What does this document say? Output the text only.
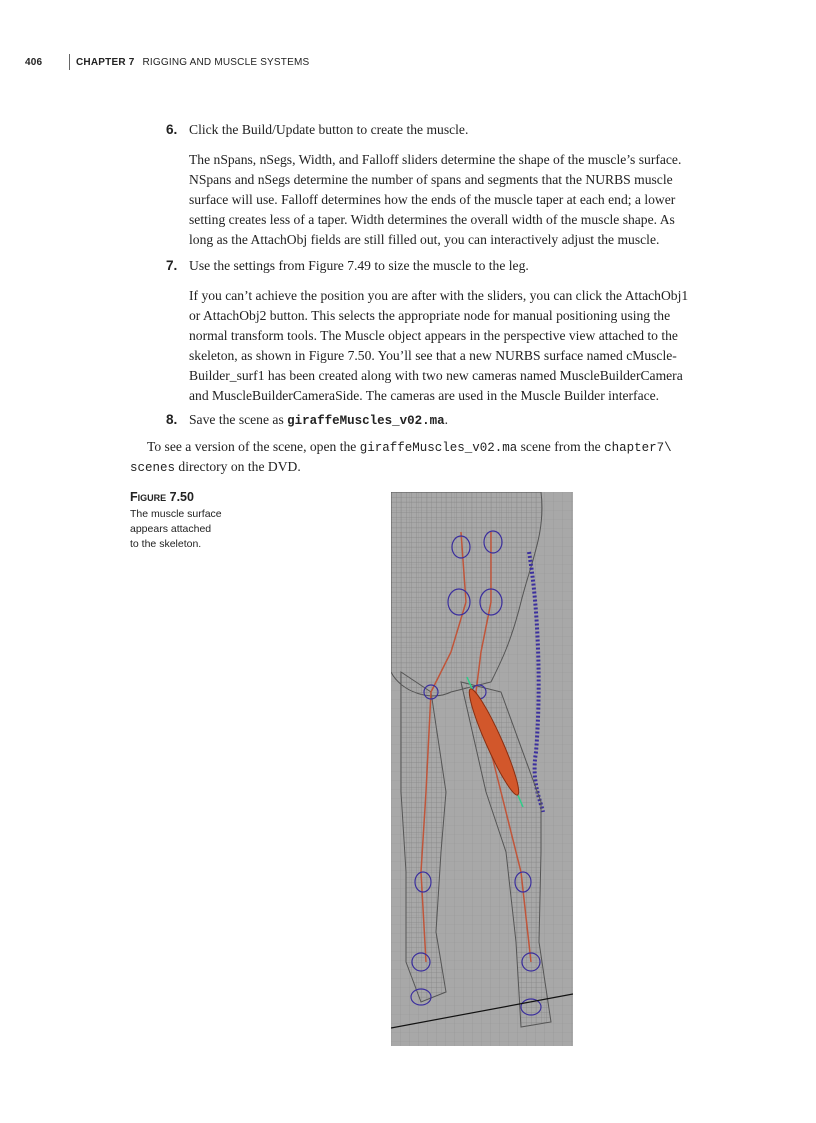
406	CHAPTER 7 RIGGING AND MUSCLE SYSTEMS

6. Click the Build/Update button to create the muscle.

The nSpans, nSegs, Width, and Falloff sliders determine the shape of the muscle’s surface.

NSpans and nSegs determine the number of spans and segments that the NURBS muscle

surface will use. Falloff determines how the ends of the muscle taper at each end; a lower

setting creates less of a taper. Width determines the overall width of the muscle shape. As

long as the AttachObj fields are still filled out, you can interactively adjust the muscle.

7. Use the settings from Figure 7.49 to size the muscle to the leg.

If you can’t achieve the position you are after with the sliders, you can click the AttachObj1

or AttachObj2 button. This selects the appropriate node for manual positioning using the

normal transform tools. The Muscle object appears in the perspective view attached to the

skeleton, as shown in Figure 7.50. You’ll see that a new NURBS surface named cMuscle-

Builder_surf1 has been created along with two new cameras named MuscleBuilderCamera

and MuscleBuilderCameraSide. The cameras are used in the Muscle Builder interface.

8. Save the scene as giraffeMuscles_v02.ma.

To see a version of the scene, open the giraffeMuscles_v02.ma scene from the chapter7\

scenes directory on the DVD.

Figure 7.50
The muscle surface
appears attached
to the skeleton.
